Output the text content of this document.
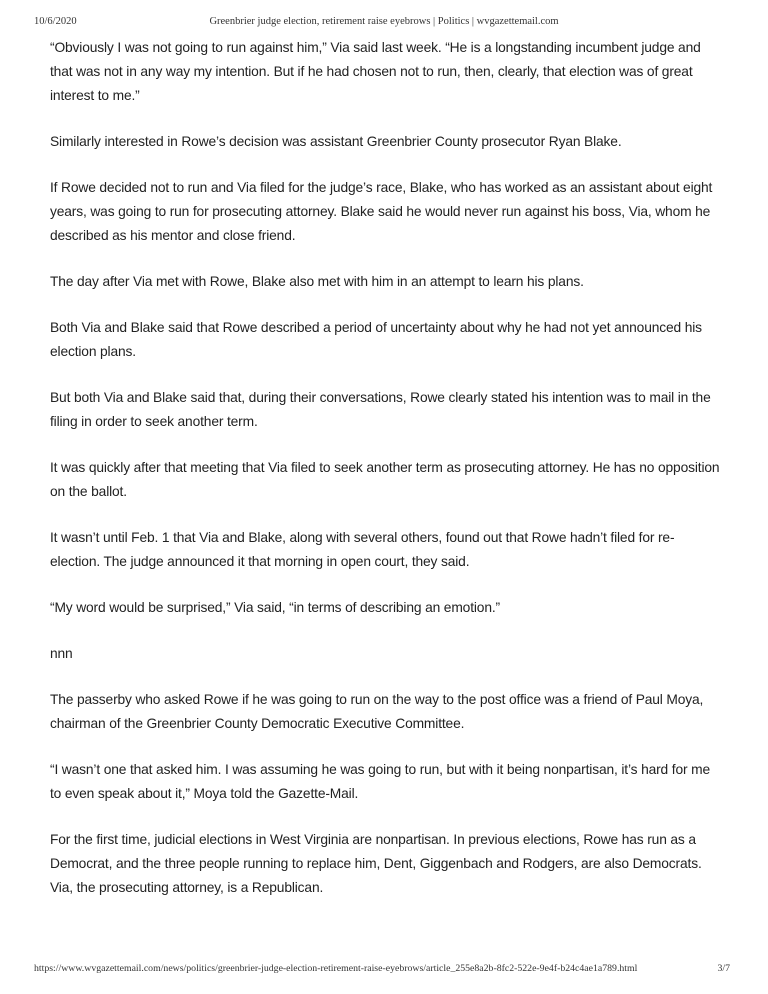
10/6/2020	Greenbrier judge election, retirement raise eyebrows | Politics | wvgazettemail.com

“Obviously I was not going to run against him,” Via said last week. “He is a longstanding incumbent judge and that was not in any way my intention. But if he had chosen not to run, then, clearly, that election was of great interest to me.”

Similarly interested in Rowe’s decision was assistant Greenbrier County prosecutor Ryan Blake.

If Rowe decided not to run and Via filed for the judge’s race, Blake, who has worked as an assistant about eight years, was going to run for prosecuting attorney. Blake said he would never run against his boss, Via, whom he described as his mentor and close friend.

The day after Via met with Rowe, Blake also met with him in an attempt to learn his plans.

Both Via and Blake said that Rowe described a period of uncertainty about why he had not yet announced his election plans.

But both Via and Blake said that, during their conversations, Rowe clearly stated his intention was to mail in the filing in order to seek another term.

It was quickly after that meeting that Via filed to seek another term as prosecuting attorney. He has no opposition on the ballot.

It wasn’t until Feb. 1 that Via and Blake, along with several others, found out that Rowe hadn’t filed for re-election. The judge announced it that morning in open court, they said.

“My word would be surprised,” Via said, “in terms of describing an emotion.”

nnn

The passerby who asked Rowe if he was going to run on the way to the post office was a friend of Paul Moya, chairman of the Greenbrier County Democratic Executive Committee.

“I wasn’t one that asked him. I was assuming he was going to run, but with it being nonpartisan, it’s hard for me to even speak about it,” Moya told the Gazette-Mail.

For the first time, judicial elections in West Virginia are nonpartisan. In previous elections, Rowe has run as a Democrat, and the three people running to replace him, Dent, Giggenbach and Rodgers, are also Democrats. Via, the prosecuting attorney, is a Republican.

https://www.wvgazettemail.com/news/politics/greenbrier-judge-election-retirement-raise-eyebrows/article_255e8a2b-8fc2-522e-9e4f-b24c4ae1a789.html	3/7
